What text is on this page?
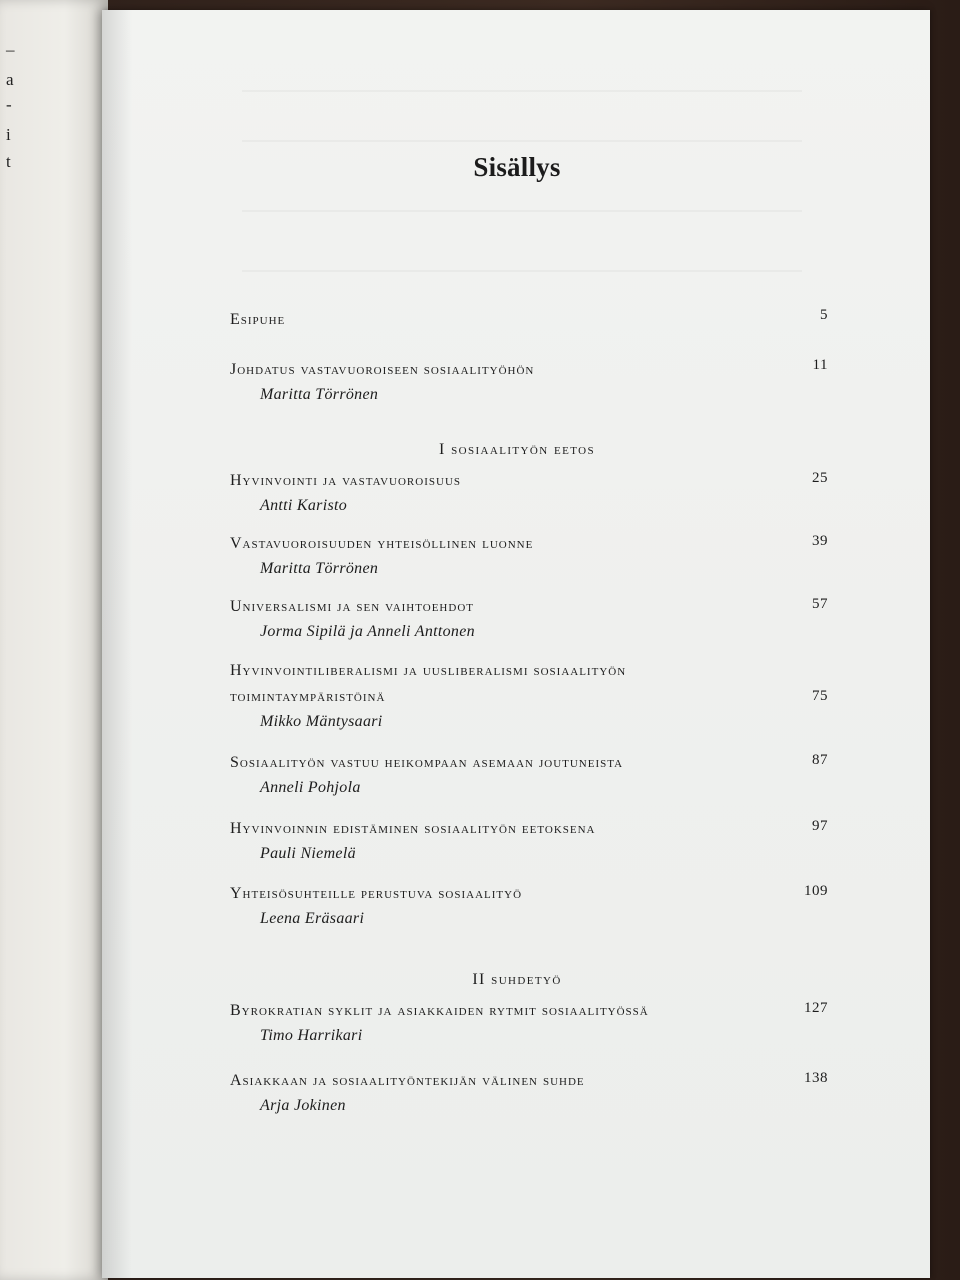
–
a
-
i
t	Sisällys
Esipuhe	5
Johdatus vastavuoroiseen sosiaalityöhön
Maritta Törrönen
11
I sosiaalityön eetos
Hyvinvointi ja vastavuoroisuus
Antti Karisto
25
Vastavuoroisuuden yhteisöllinen luonne
Maritta Törrönen
39
Universalismi ja sen vaihtoehdot
Jorma Sipilä ja Anneli Anttonen
57
Hyvinvointiliberalismi ja uusliberalismi sosiaalityön
toimintaympäristöinä
Mikko Mäntysaari
75
Sosiaalityön vastuu heikompaan asemaan joutuneista
Anneli Pohjola
87
Hyvinvoinnin edistäminen sosiaalityön eetoksena
Pauli Niemelä
97
Yhteisösuhteille perustuva sosiaalityö
Leena Eräsaari
109
II suhdetyö
Byrokratian syklit ja asiakkaiden rytmit sosiaalityössä
Timo Harrikari
127
Asiakkaan ja sosiaalityöntekijän välinen suhde
Arja Jokinen
138
